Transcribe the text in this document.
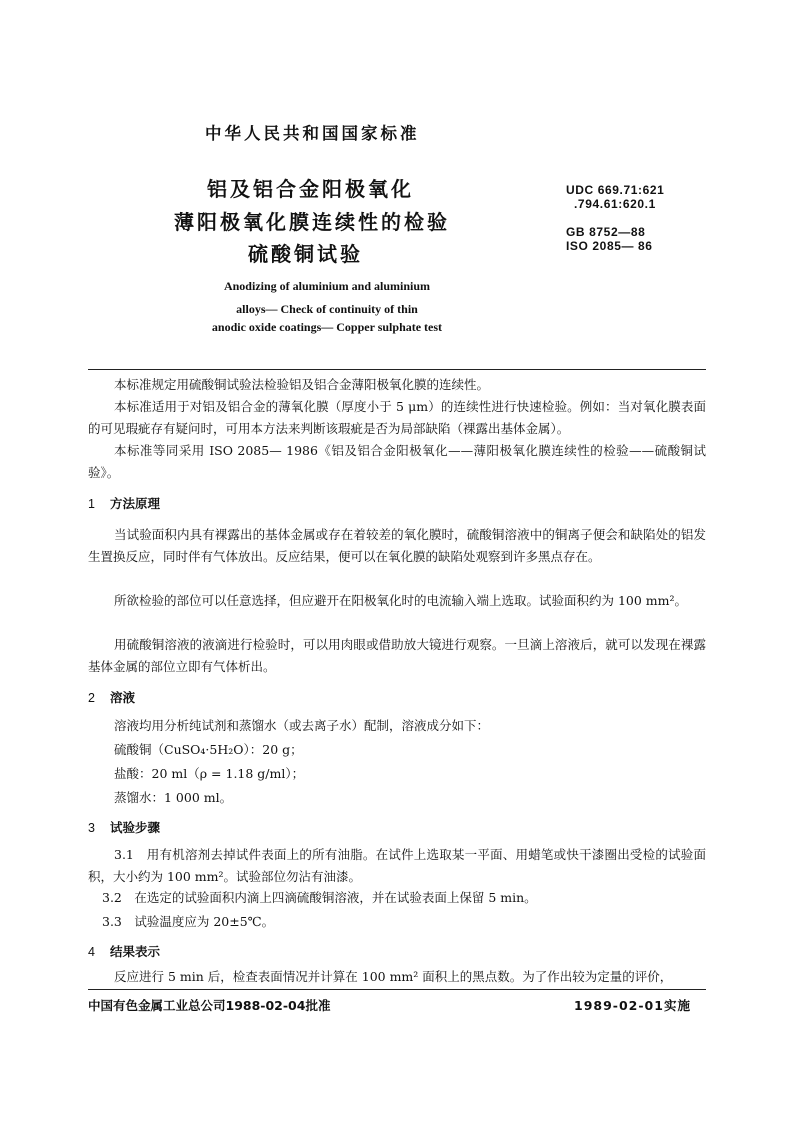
中华人民共和国国家标准
铝及铝合金阳极氧化
薄阳极氧化膜连续性的检验
硫酸铜试验
Anodizing of aluminium and aluminium
alloys— Check of continuity of thin
anodic oxide coatings— Copper sulphate test
UDC 669.71:621
.794.61:620.1
GB 8752—88
ISO 2085— 86
本标准规定用硫酸铜试验法检验铝及铝合金薄阳极氧化膜的连续性。
本标准适用于对铝及铝合金的薄氧化膜（厚度小于 5 μm）的连续性进行快速检验。例如：当对氧化膜表面的可见瑕疵存有疑问时，可用本方法来判断该瑕疵是否为局部缺陷（裸露出基体金属）。
本标准等同采用 ISO 2085— 1986《铝及铝合金阳极氧化——薄阳极氧化膜连续性的检验——硫酸铜试验》。
1 方法原理
当试验面积内具有裸露出的基体金属或存在着较差的氧化膜时，硫酸铜溶液中的铜离子便会和缺陷处的铝发生置换反应，同时伴有气体放出。反应结果，便可以在氧化膜的缺陷处观察到许多黑点存在。
所欲检验的部位可以任意选择，但应避开在阳极氧化时的电流输入端上选取。试验面积约为 100 mm²。
用硫酸铜溶液的液滴进行检验时，可以用肉眼或借助放大镜进行观察。一旦滴上溶液后，就可以发现在裸露基体金属的部位立即有气体析出。
2 溶液
溶液均用分析纯试剂和蒸馏水（或去离子水）配制，溶液成分如下：
硫酸铜（CuSO₄·5H₂O）：20 g；
盐酸：20 ml（ρ = 1.18 g/ml）；
蒸馏水：1 000 ml。
3 试验步骤
3.1　用有机溶剂去掉试件表面上的所有油脂。在试件上选取某一平面、用蜡笔或快干漆圈出受检的试验面积，大小约为 100 mm²。试验部位勿沾有油漆。
3.2　在选定的试验面积内滴上四滴硫酸铜溶液，并在试验表面上保留 5 min。
3.3　试验温度应为 20±5℃。
4 结果表示
反应进行 5 min 后，检查表面情况并计算在 100 mm² 面积上的黑点数。为了作出较为定量的评价，
中国有色金属工业总公司1988-02-04批准	1989-02-01实施
